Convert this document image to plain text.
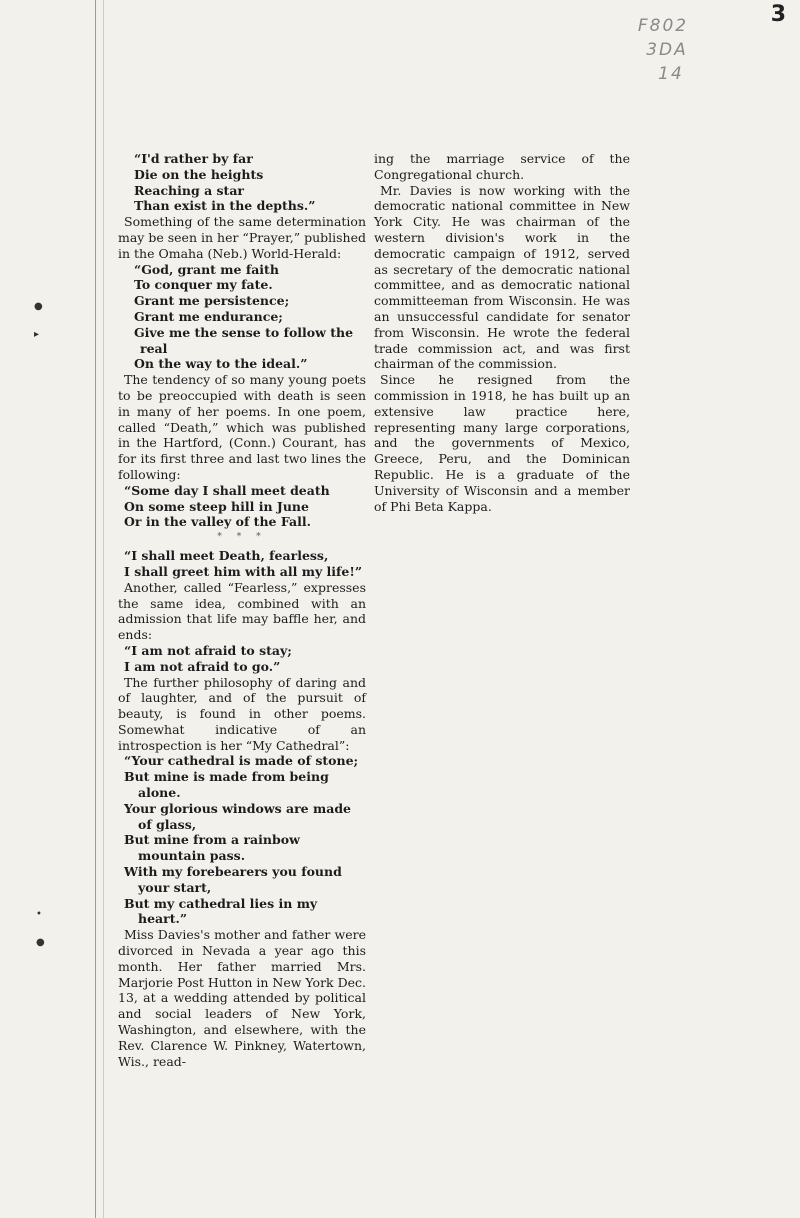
3
F802
3DA
14
●
▸
•
●
“I'd rather by far
Die on the heights
Reaching a star
Than exist in the depths.”

Something of the same determination may be seen in her “Prayer,” published in the Omaha (Neb.) World-Herald:

“God, grant me faith
To conquer my fate.
Grant me persistence;
Grant me endurance;
Give me the sense to follow the real
On the way to the ideal.”

The tendency of so many young poets to be preoccupied with death is seen in many of her poems. In one poem, called “Death,” which was published in the Hartford, (Conn.) Courant, has for its first three and last two lines the following:

“Some day I shall meet death
On some steep hill in June
Or in the valley of the Fall.
* * *
“I shall meet Death, fearless,
I shall greet him with all my life!”

Another, called “Fearless,” expresses the same idea, combined with an admission that life may baffle her, and ends:

“I am not afraid to stay;
I am not afraid to go.”

The further philosophy of daring and of laughter, and of the pursuit of beauty, is found in other poems. Somewhat indicative of an introspection is her “My Cathedral”:

“Your cathedral is made of stone;
But mine is made from being alone.
Your glorious windows are made of glass,
But mine from a rainbow mountain pass.
With my forebearers you found your start,
But my cathedral lies in my heart.”

Miss Davies's mother and father were divorced in Nevada a year ago this month. Her father married Mrs. Marjorie Post Hutton in New York Dec. 13, at a wedding attended by political and social leaders of New York, Washington, and elsewhere, with the Rev. Clarence W. Pinkney, Watertown, Wis., read-

ing the marriage service of the Congregational church.

Mr. Davies is now working with the democratic national committee in New York City. He was chairman of the western division's work in the democratic campaign of 1912, served as secretary of the democratic national committee, and as democratic national committeeman from Wisconsin. He was an unsuccessful candidate for senator from Wisconsin. He wrote the federal trade commission act, and was first chairman of the commission.

Since he resigned from the commission in 1918, he has built up an extensive law practice here, representing many large corporations, and the governments of Mexico, Greece, Peru, and the Dominican Republic. He is a graduate of the University of Wisconsin and a member of Phi Beta Kappa.
